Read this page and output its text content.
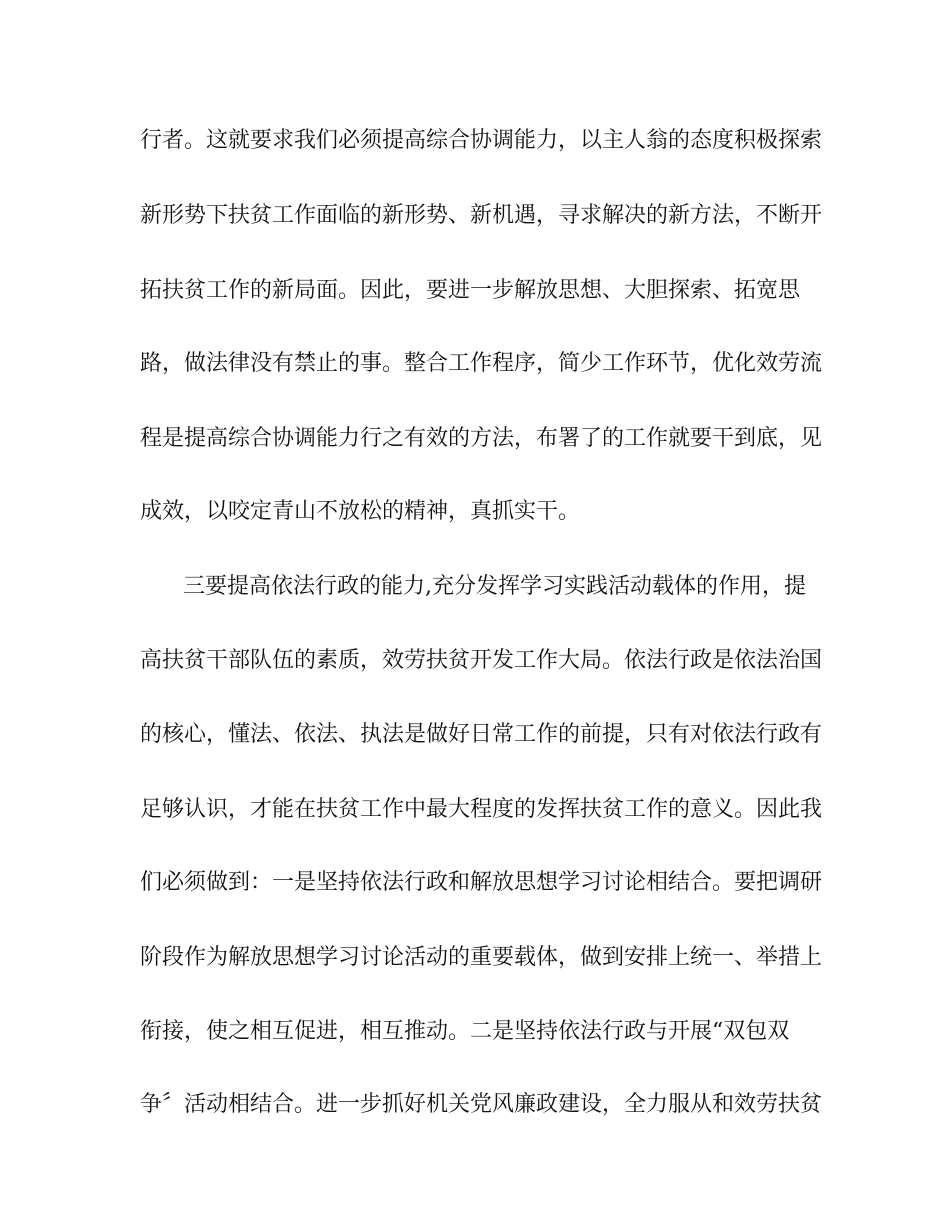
行者。这就要求我们必须提高综合协调能力，以主人翁的态度积极探索
新形势下扶贫工作面临的新形势、新机遇，寻求解决的新方法，不断开
拓扶贫工作的新局面。因此，要进一步解放思想、大胆探索、拓宽思
路，做法律没有禁止的事。整合工作程序，简少工作环节，优化效劳流
程是提高综合协调能力行之有效的方法，布署了的工作就要干到底，见
成效，以咬定青山不放松的精神，真抓实干。
三要提高依法行政的能力,充分发挥学习实践活动载体的作用，提
高扶贫干部队伍的素质，效劳扶贫开发工作大局。依法行政是依法治国
的核心，懂法、依法、执法是做好日常工作的前提，只有对依法行政有
足够认识，才能在扶贫工作中最大程度的发挥扶贫工作的意义。因此我
们必须做到：一是坚持依法行政和解放思想学习讨论相结合。要把调研
阶段作为解放思想学习讨论活动的重要载体，做到安排上统一、举措上
衔接，使之相互促进，相互推动。二是坚持依法行政与开展“双包双
争〞活动相结合。进一步抓好机关党风廉政建设，全力服从和效劳扶贫
